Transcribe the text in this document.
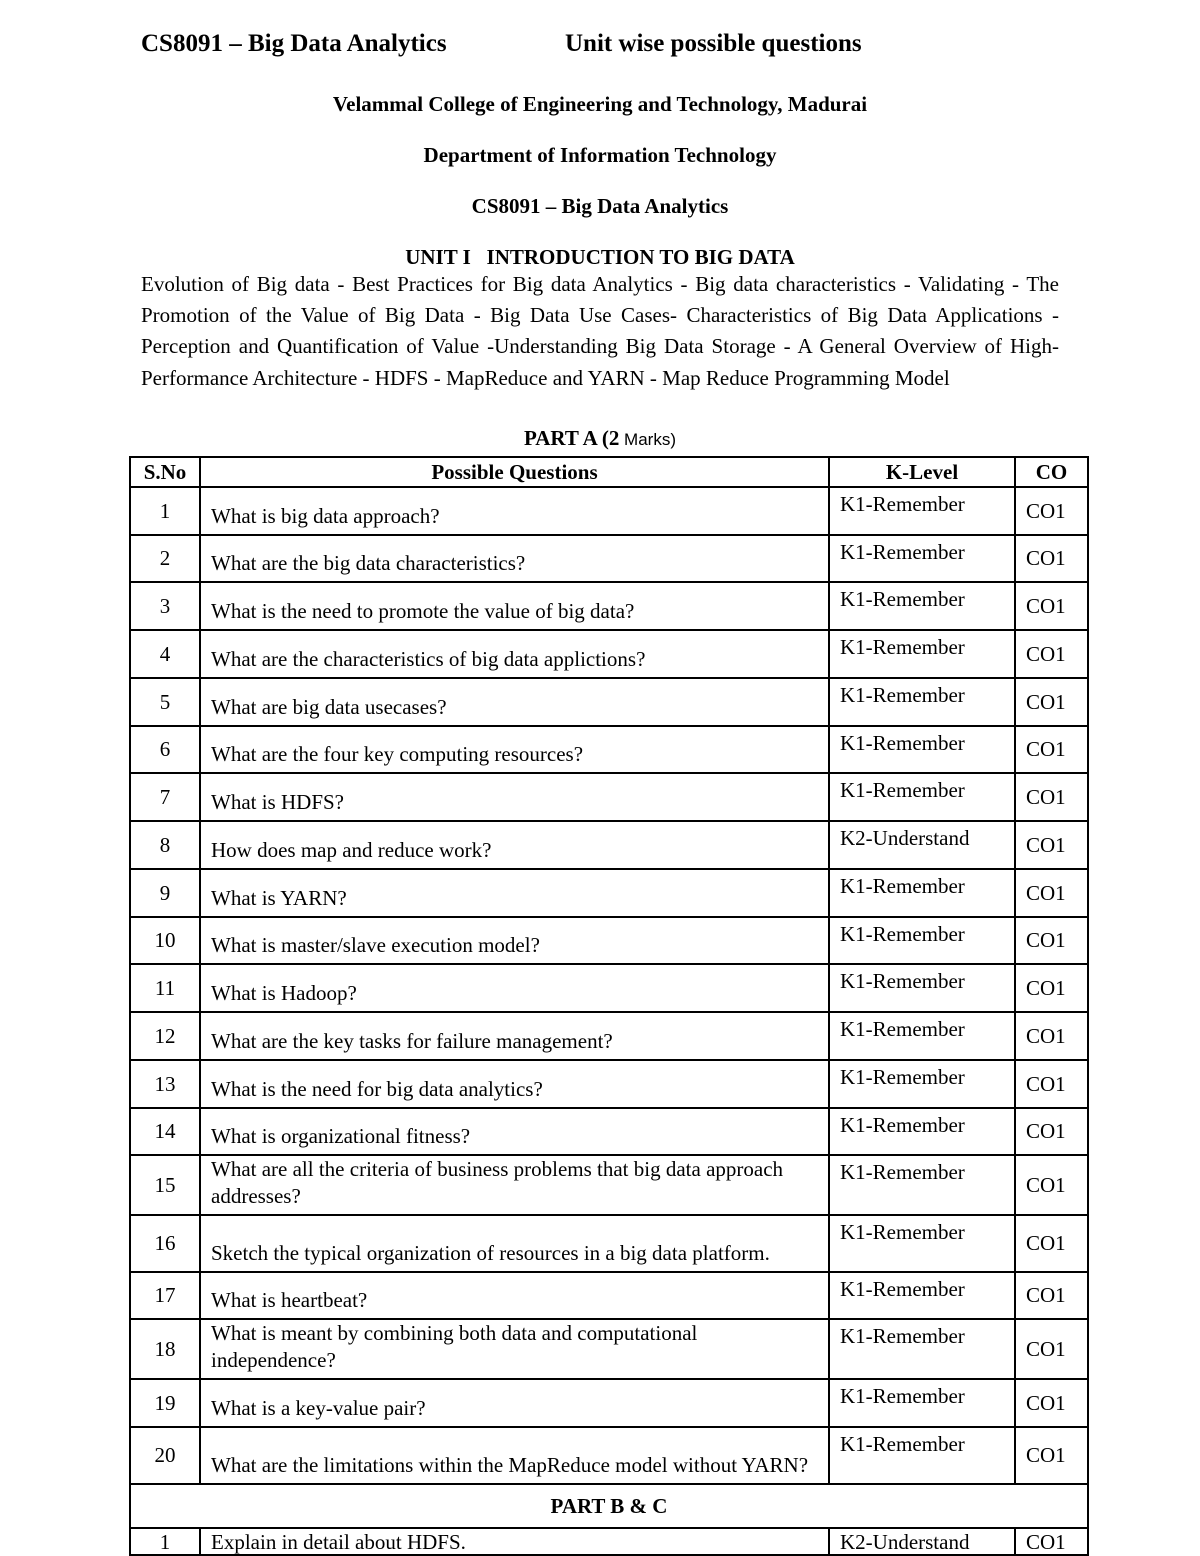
CS8091 – Big Data Analytics	Unit wise possible questions
Velammal College of Engineering and Technology, Madurai
Department of Information Technology
CS8091 – Big Data Analytics
UNIT I   INTRODUCTION TO BIG DATA
Evolution of Big data - Best Practices for Big data Analytics - Big data characteristics - Validating - The Promotion of the Value of Big Data - Big Data Use Cases- Characteristics of Big Data Applications - Perception and Quantification of Value -Understanding Big Data Storage - A General Overview of High-Performance Architecture - HDFS - MapReduce and YARN - Map Reduce Programming Model
PART A (2 Marks)
S.No	Possible Questions	K-Level	CO
1	What is big data approach?	K1-Remember	CO1
2	What are the big data characteristics?	K1-Remember	CO1
3	What is the need to promote the value of big data?	K1-Remember	CO1
4	What are the characteristics of big data applictions?	K1-Remember	CO1
5	What are big data usecases?	K1-Remember	CO1
6	What are the four key computing resources?	K1-Remember	CO1
7	What is HDFS?	K1-Remember	CO1
8	How does map and reduce work?	K2-Understand	CO1
9	What is YARN?	K1-Remember	CO1
10	What is master/slave execution model?	K1-Remember	CO1
11	What is Hadoop?	K1-Remember	CO1
12	What are the key tasks for failure management?	K1-Remember	CO1
13	What is the need for big data analytics?	K1-Remember	CO1
14	What is organizational fitness?	K1-Remember	CO1
15	What are all the criteria of business problems that big data approach addresses?	K1-Remember	CO1
16	Sketch the typical organization of resources in a big data platform.	K1-Remember	CO1
17	What is heartbeat?	K1-Remember	CO1
18	What is meant by combining both data and computational independence?	K1-Remember	CO1
19	What is a key-value pair?	K1-Remember	CO1
20	What are the limitations within the MapReduce model without YARN?	K1-Remember	CO1
PART B & C			
1	Explain in detail about HDFS.	K2-Understand	CO1
